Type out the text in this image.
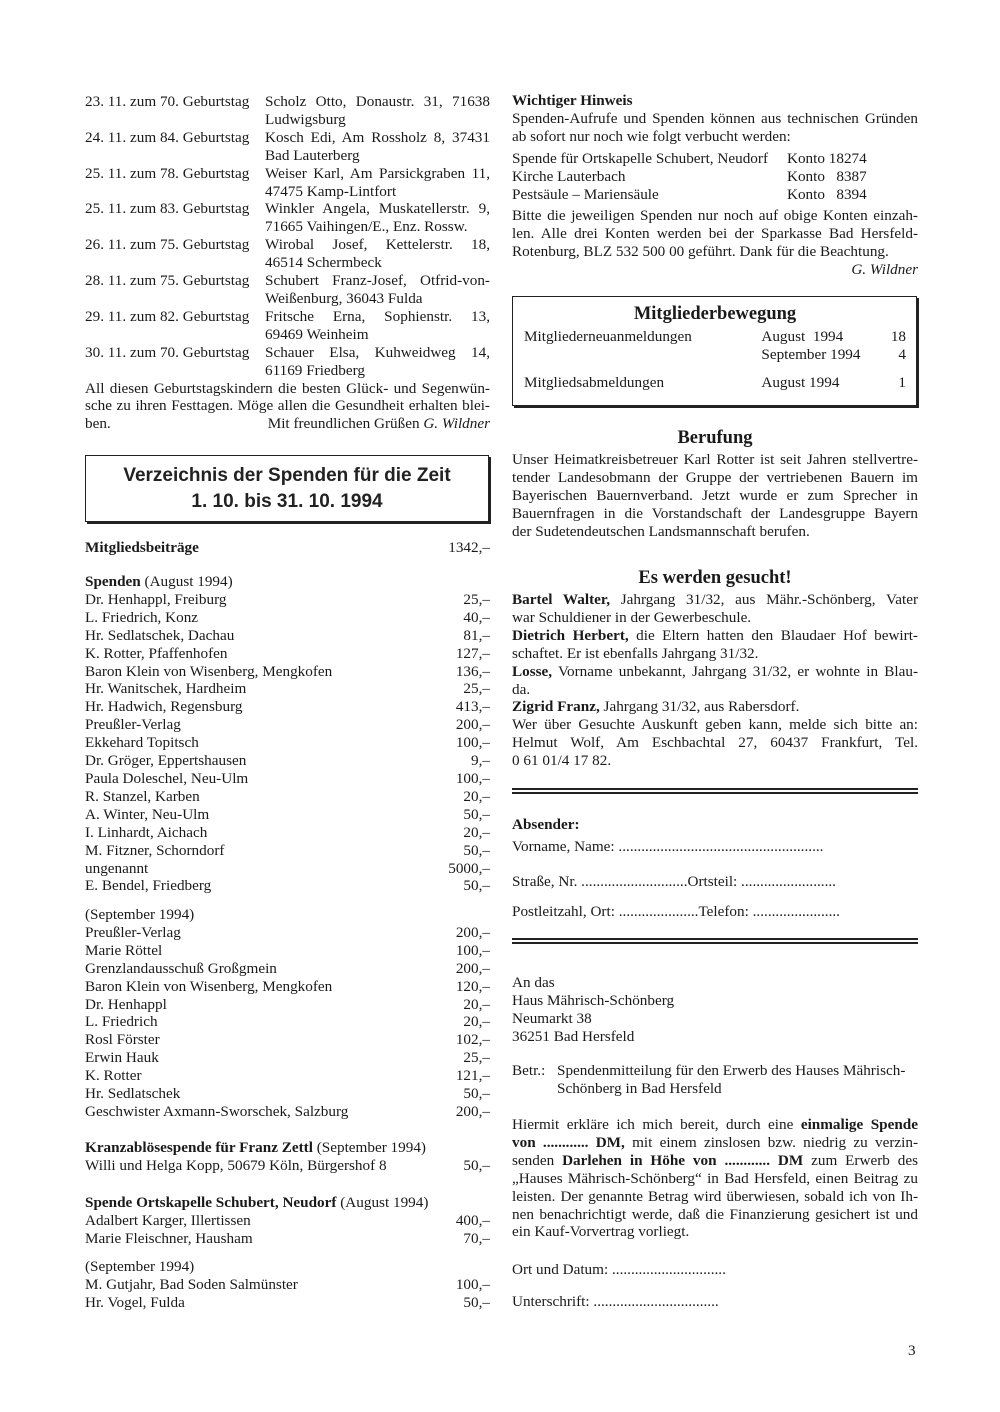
23. 11. zum 70. Geburtstag	Scholz Otto, Donaustr. 31, 71638
Ludwigsburg
24. 11. zum 84. Geburtstag	Kosch Edi, Am Rossholz 8, 37431
Bad Lauterberg
25. 11. zum 78. Geburtstag	Weiser Karl, Am Parsickgraben 11,
47475 Kamp-Lintfort
25. 11. zum 83. Geburtstag	Winkler Angela, Muskatellerstr. 9,
71665 Vaihingen/E., Enz. Rossw.
26. 11. zum 75. Geburtstag	Wirobal Josef, Kettelerstr. 18,
46514 Schermbeck
28. 11. zum 75. Geburtstag	Schubert Franz-Josef, Otfrid-von-
Weißenburg, 36043 Fulda
29. 11. zum 82. Geburtstag	Fritsche Erna, Sophienstr. 13,
69469 Weinheim
30. 11. zum 70. Geburtstag	Schauer Elsa, Kuhweidweg 14,
61169 Friedberg
All diesen Geburtstagskindern die besten Glück- und Segenwün-
sche zu ihren Festtagen. Möge allen die Gesundheit erhalten blei-
ben.	Mit freundlichen Grüßen G. Wildner
Verzeichnis der Spenden für die Zeit
1. 10. bis 31. 10. 1994
Mitgliedsbeiträge	1342,–
Spenden (August 1994)
Dr. Henhappl, Freiburg	25,–
L. Friedrich, Konz	40,–
Hr. Sedlatschek, Dachau	81,–
K. Rotter, Pfaffenhofen	127,–
Baron Klein von Wisenberg, Mengkofen	136,–
Hr. Wanitschek, Hardheim	25,–
Hr. Hadwich, Regensburg	413,–
Preußler-Verlag	200,–
Ekkehard Topitsch	100,–
Dr. Gröger, Eppertshausen	9,–
Paula Doleschel, Neu-Ulm	100,–
R. Stanzel, Karben	20,–
A. Winter, Neu-Ulm	50,–
I. Linhardt, Aichach	20,–
M. Fitzner, Schorndorf	50,–
ungenannt	5000,–
E. Bendel, Friedberg	50,–
(September 1994)
Preußler-Verlag	200,–
Marie Röttel	100,–
Grenzlandausschuß Großgmein	200,–
Baron Klein von Wisenberg, Mengkofen	120,–
Dr. Henhappl	20,–
L. Friedrich	20,–
Rosl Förster	102,–
Erwin Hauk	25,–
K. Rotter	121,–
Hr. Sedlatschek	50,–
Geschwister Axmann-Sworschek, Salzburg	200,–
Kranzablösespende für Franz Zettl (September 1994)
Willi und Helga Kopp, 50679 Köln, Bürgershof 8	50,–
Spende Ortskapelle Schubert, Neudorf (August 1994)
Adalbert Karger, Illertissen	400,–
Marie Fleischner, Hausham	70,–
(September 1994)
M. Gutjahr, Bad Soden Salmünster	100,–
Hr. Vogel, Fulda	50,–
Wichtiger Hinweis
Spenden-Aufrufe und Spenden können aus technischen Gründen
ab sofort nur noch wie folgt verbucht werden:
Spende für Ortskapelle Schubert, Neudorf	Konto 18274
Kirche Lauterbach	Konto   8387
Pestsäule – Mariensäule	Konto   8394
Bitte die jeweiligen Spenden nur noch auf obige Konten einzah-
len. Alle drei Konten werden bei der Sparkasse Bad Hersfeld-
Rotenburg, BLZ 532 500 00 geführt. Dank für die Beachtung.
G. Wildner
Mitgliederbewegung
Mitgliederneuanmeldungen	August  1994	18
September 1994	4
Mitgliedsabmeldungen	August 1994	1
Berufung
Unser Heimatkreisbetreuer Karl Rotter ist seit Jahren stellvertre-
tender Landesobmann der Gruppe der vertriebenen Bauern im
Bayerischen Bauernverband. Jetzt wurde er zum Sprecher in
Bauernfragen in die Vorstandschaft der Landesgruppe Bayern
der Sudetendeutschen Landsmannschaft berufen.
Es werden gesucht!
Bartel Walter, Jahrgang 31/32, aus Mähr.-Schönberg, Vater
war Schuldiener in der Gewerbeschule.
Dietrich Herbert, die Eltern hatten den Blaudaer Hof bewirt-
schaftet. Er ist ebenfalls Jahrgang 31/32.
Losse, Vorname unbekannt, Jahrgang 31/32, er wohnte in Blau-
da.
Zigrid Franz, Jahrgang 31/32, aus Rabersdorf.
Wer über Gesuchte Auskunft geben kann, melde sich bitte an:
Helmut Wolf, Am Eschbachtal 27, 60437 Frankfurt, Tel.
0 61 01/4 17 82.
Absender:
Vorname, Name: ......................................................
Straße, Nr. ............................Ortsteil: .........................
Postleitzahl, Ort: .....................Telefon: .......................
An das
Haus Mährisch-Schönberg
Neumarkt 38
36251 Bad Hersfeld
Betr.: Spendenmitteilung für den Erwerb des Hauses Mährisch-
Schönberg in Bad Hersfeld
Hiermit erkläre ich mich bereit, durch eine einmalige Spende
von ............ DM, mit einem zinslosen bzw. niedrig zu verzin-
senden Darlehen in Höhe von ............ DM zum Erwerb des
„Hauses Mährisch-Schönberg“ in Bad Hersfeld, einen Beitrag zu
leisten. Der genannte Betrag wird überwiesen, sobald ich von Ih-
nen benachrichtigt werde, daß die Finanzierung gesichert ist und
ein Kauf-Vorvertrag vorliegt.
Ort und Datum: ..............................
Unterschrift: .................................
3
